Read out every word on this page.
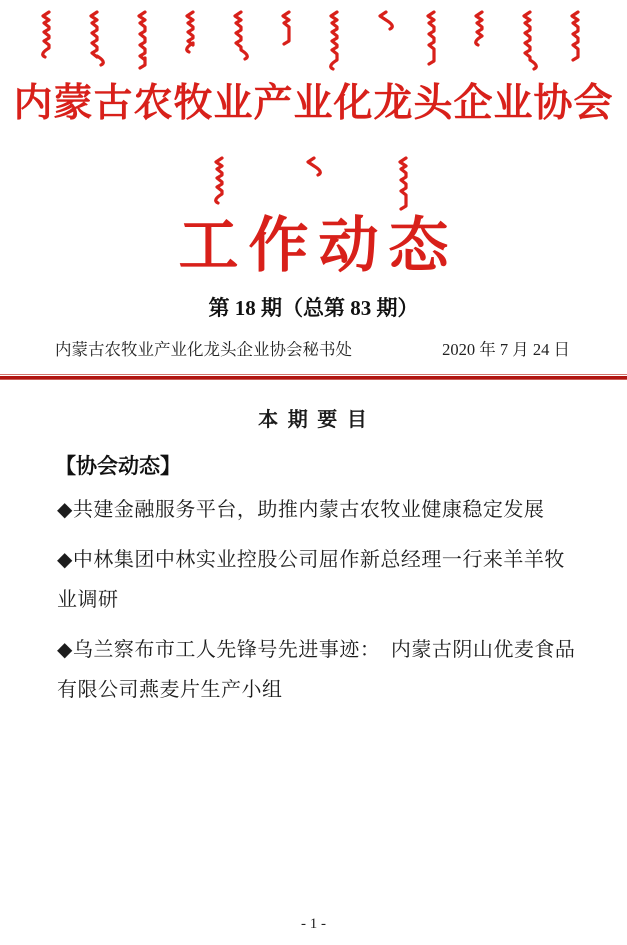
内蒙古农牧业产业化龙头企业协会
工作动态
第 18 期（总第 83 期）
内蒙古农牧业产业化龙头企业协会秘书处	2020 年 7 月 24 日
本 期 要 目
【协会动态】
◆共建金融服务平台，助推内蒙古农牧业健康稳定发展
◆中林集团中林实业控股公司屈作新总经理一行来羊羊牧
业调研
◆乌兰察布市工人先锋号先进事迹：　内蒙古阴山优麦食品
有限公司燕麦片生产小组
- 1 -
